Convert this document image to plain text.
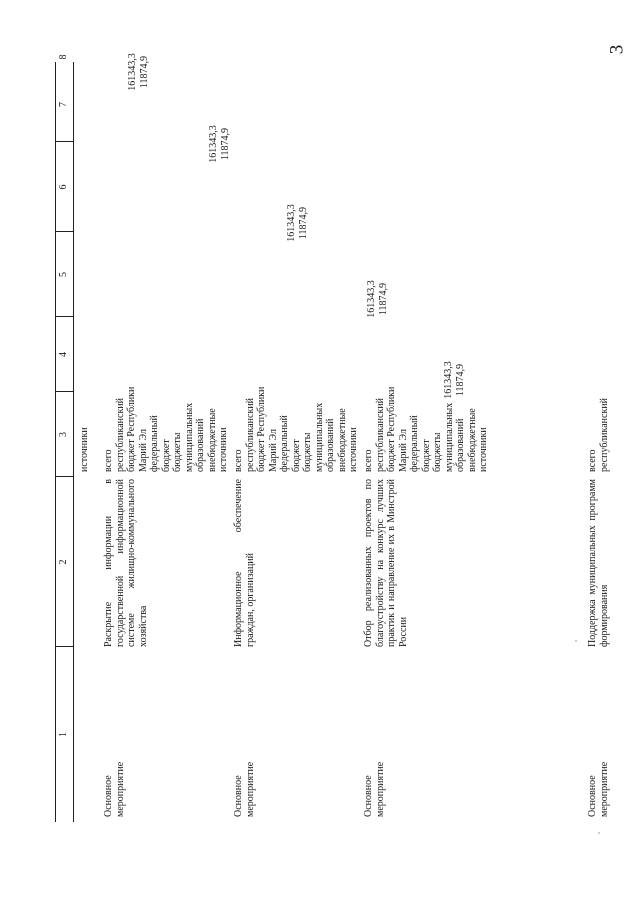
3
1
2
3
4
5
6
7
8
источники
Основное
мероприятие
Раскрытие информации в государственной информационной системе жилищно-коммунального хозяйства
всего
республиканский
бюджет Республики
Марий Эл
федеральный бюджет
бюджеты
муниципальных
образований
внебюджетные
источники
Основное
мероприятие
Информационное обеспечение граждан, организаций
всего
республиканский
бюджет Республики
Марий Эл
федеральный бюджет
бюджеты
муниципальных
образований
внебюджетные
источники
Основное
мероприятие
Отбор реализованных проектов по благоустройству на конкурс лучших практик и направление их в Минстрой России
всего
республиканский
бюджет Республики
Марий Эл
федеральный бюджет
бюджеты
муниципальных
образований
внебюджетные
источники
161343,3
11874,9
161343,3
11874,9
161343,3
11874,9
161343,3
11874,9
161343,3
11874,9
Основное
мероприятие
Поддержка муниципальных программ формирования
всего
республиканский
